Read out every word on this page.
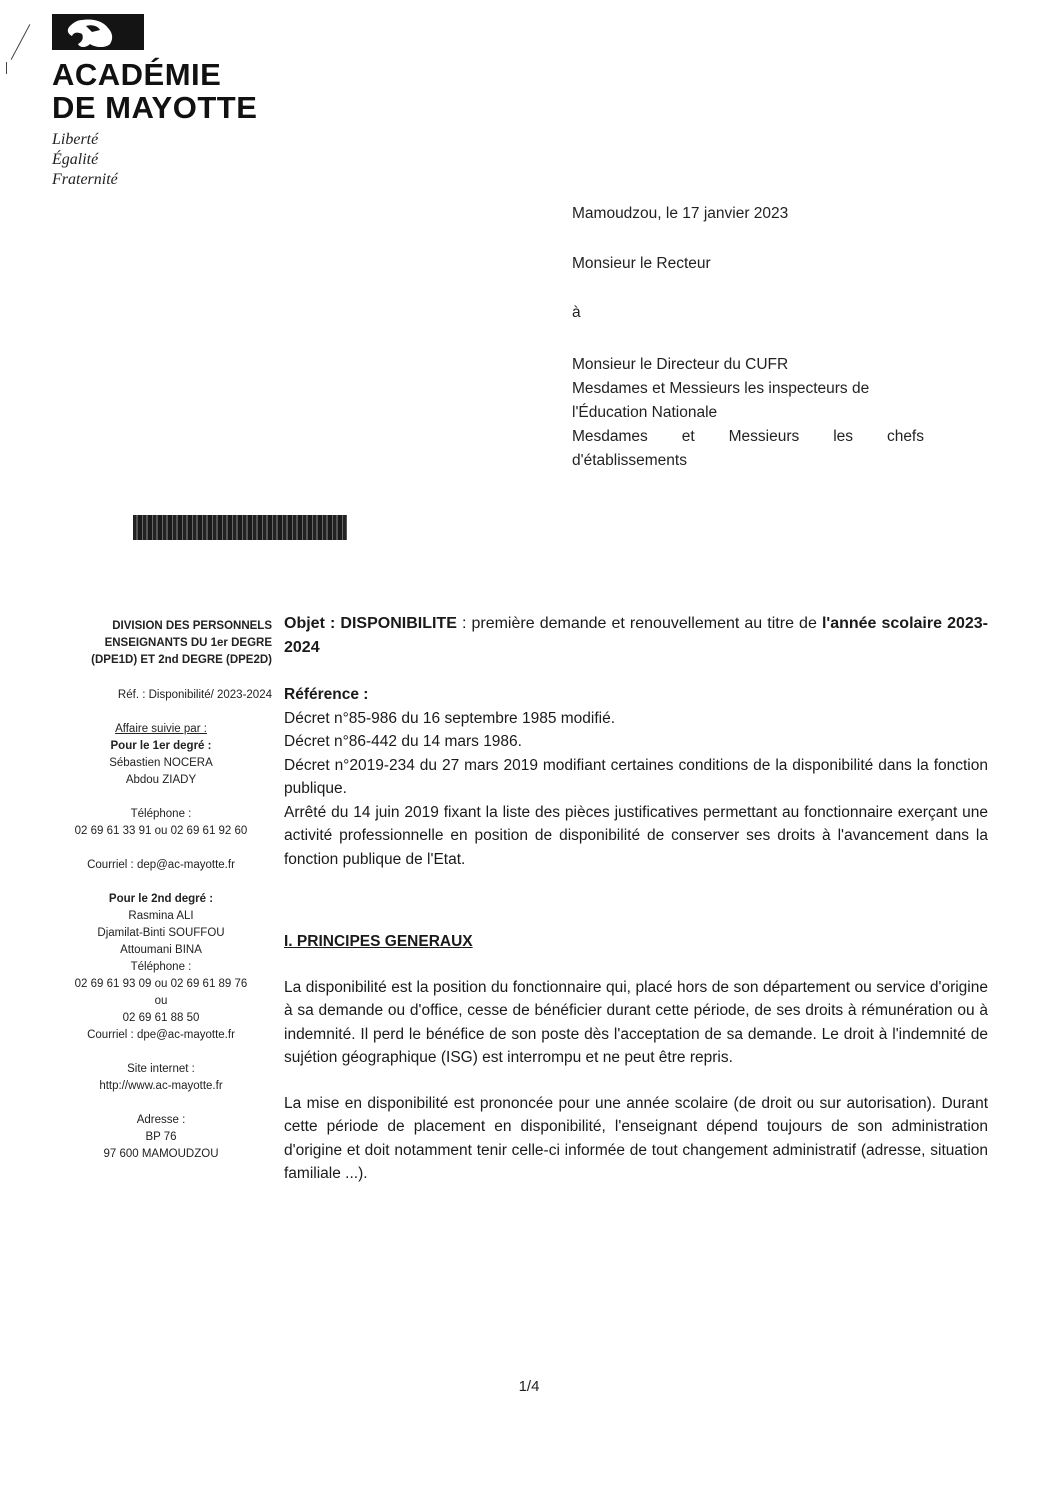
ACADÉMIE
DE MAYOTTE
Liberté
Égalité
Fraternité
Mamoudzou, le 17 janvier 2023
Monsieur le Recteur
à
Monsieur le Directeur du CUFR
Mesdames et Messieurs les inspecteurs de
l'Éducation Nationale
Mesdames et Messieurs les chefs
d'établissements
DIVISION DES PERSONNELS
ENSEIGNANTS DU 1er DEGRE
(DPE1D) ET 2nd DEGRE (DPE2D)
Réf. : Disponibilité/ 2023-2024
Affaire suivie par :
Pour le 1er degré :
Sébastien NOCERA
Abdou ZIADY
Téléphone :
02 69 61 33 91 ou 02 69 61 92 60
Courriel : dep@ac-mayotte.fr
Pour le 2nd degré :
Rasmina ALI
Djamilat-Binti SOUFFOU
Attoumani BINA
Téléphone :
02 69 61 93 09 ou 02 69 61 89 76
ou
02 69 61 88 50
Courriel : dpe@ac-mayotte.fr
Site internet :
http://www.ac-mayotte.fr
Adresse :
BP 76
97 600 MAMOUDZOU

Objet : DISPONIBILITE : première demande et renouvellement au titre de l'année scolaire 2023-2024

Référence :

Décret n°85-986 du 16 septembre 1985 modifié.

Décret n°86-442 du 14 mars 1986.

Décret n°2019-234 du 27 mars 2019 modifiant certaines conditions de la disponibilité dans la fonction publique.

Arrêté du 14 juin 2019 fixant la liste des pièces justificatives permettant au fonctionnaire exerçant une activité professionnelle en position de disponibilité de conserver ses droits à l'avancement dans la fonction publique de l'Etat.

I. PRINCIPES GENERAUX

La disponibilité est la position du fonctionnaire qui, placé hors de son département ou service d'origine à sa demande ou d'office, cesse de bénéficier durant cette période, de ses droits à rémunération ou à indemnité. Il perd le bénéfice de son poste dès l'acceptation de sa demande. Le droit à l'indemnité de sujétion géographique (ISG) est interrompu et ne peut être repris.

La mise en disponibilité est prononcée pour une année scolaire (de droit ou sur autorisation). Durant cette période de placement en disponibilité, l'enseignant dépend toujours de son administration d'origine et doit notamment tenir celle-ci informée de tout changement administratif (adresse, situation familiale ...).

1/4
